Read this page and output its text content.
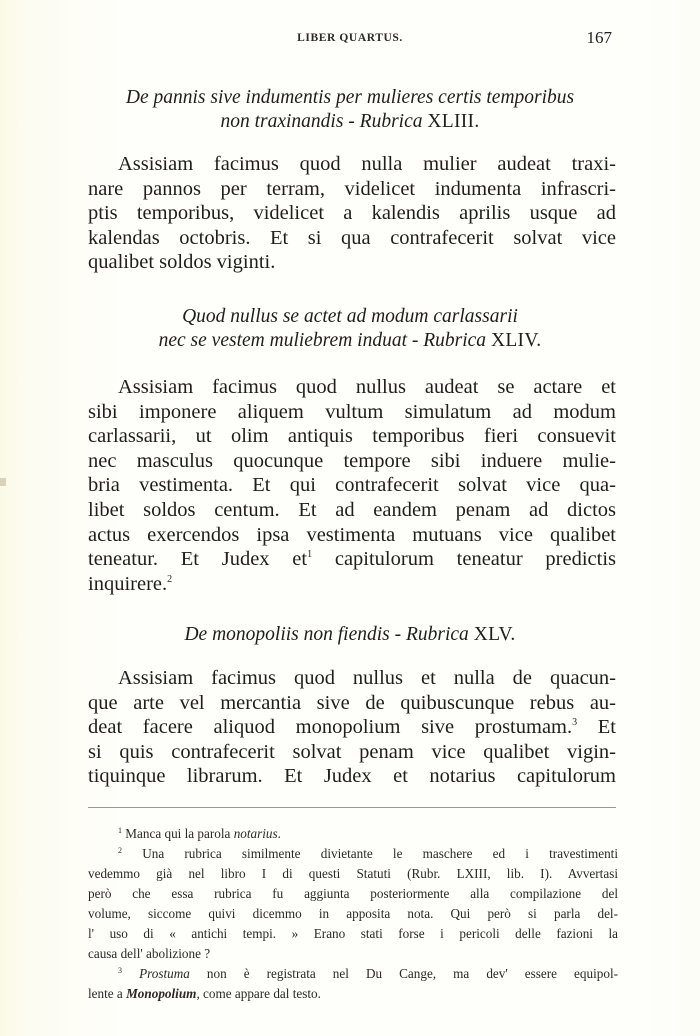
LIBER QUARTUS.	167
De pannis sive indumentis per mulieres certis temporibus
non traxinandis - Rubrica XLIII.
Assisiam facimus quod nulla mulier audeat traxi-
nare pannos per terram, videlicet indumenta infrascri-
ptis temporibus, videlicet a kalendis aprilis usque ad
kalendas octobris. Et si qua contrafecerit solvat vice
qualibet soldos viginti.
Quod nullus se actet ad modum carlassarii
nec se vestem muliebrem induat - Rubrica XLIV.
Assisiam facimus quod nullus audeat se actare et
sibi imponere aliquem vultum simulatum ad modum
carlassarii, ut olim antiquis temporibus fieri consuevit
nec masculus quocunque tempore sibi induere mulie-
bria vestimenta. Et qui contrafecerit solvat vice qua-
libet soldos centum. Et ad eandem penam ad dictos
actus exercendos ipsa vestimenta mutuans vice qualibet
teneatur. Et Judex $et^1$ capitulorum teneatur predictis
inquirere.$^2$
De monopoliis non fiendis - Rubrica XLV.
Assisiam facimus quod nullus et nulla de quacun-
que arte vel mercantia sive de quibuscunque rebus au-
deat facere aliquod monopolium sive prostumam.$^3$ Et
si quis contrafecerit solvat penam vice qualibet vigin-
tiquinque librarum. Et Judex et notarius capitulorum
$^1$ Manca qui la parola notarius.
$^2$ Una rubrica similmente divietante le maschere ed i travestimenti
vedemmo già nel libro I di questi Statuti (Rubr. LXIII, lib. I). Avvertasi
però che essa rubrica fu aggiunta posteriormente alla compilazione del
volume, siccome quivi dicemmo in apposita nota. Qui però si parla del-
l' uso di « antichi tempi. » Erano stati forse i pericoli delle fazioni la
causa dell' abolizione ?
$^3$ Prostuma non è registrata nel Du Cange, ma dev' essere equipol-
lente a Monopolium, come appare dal testo.
